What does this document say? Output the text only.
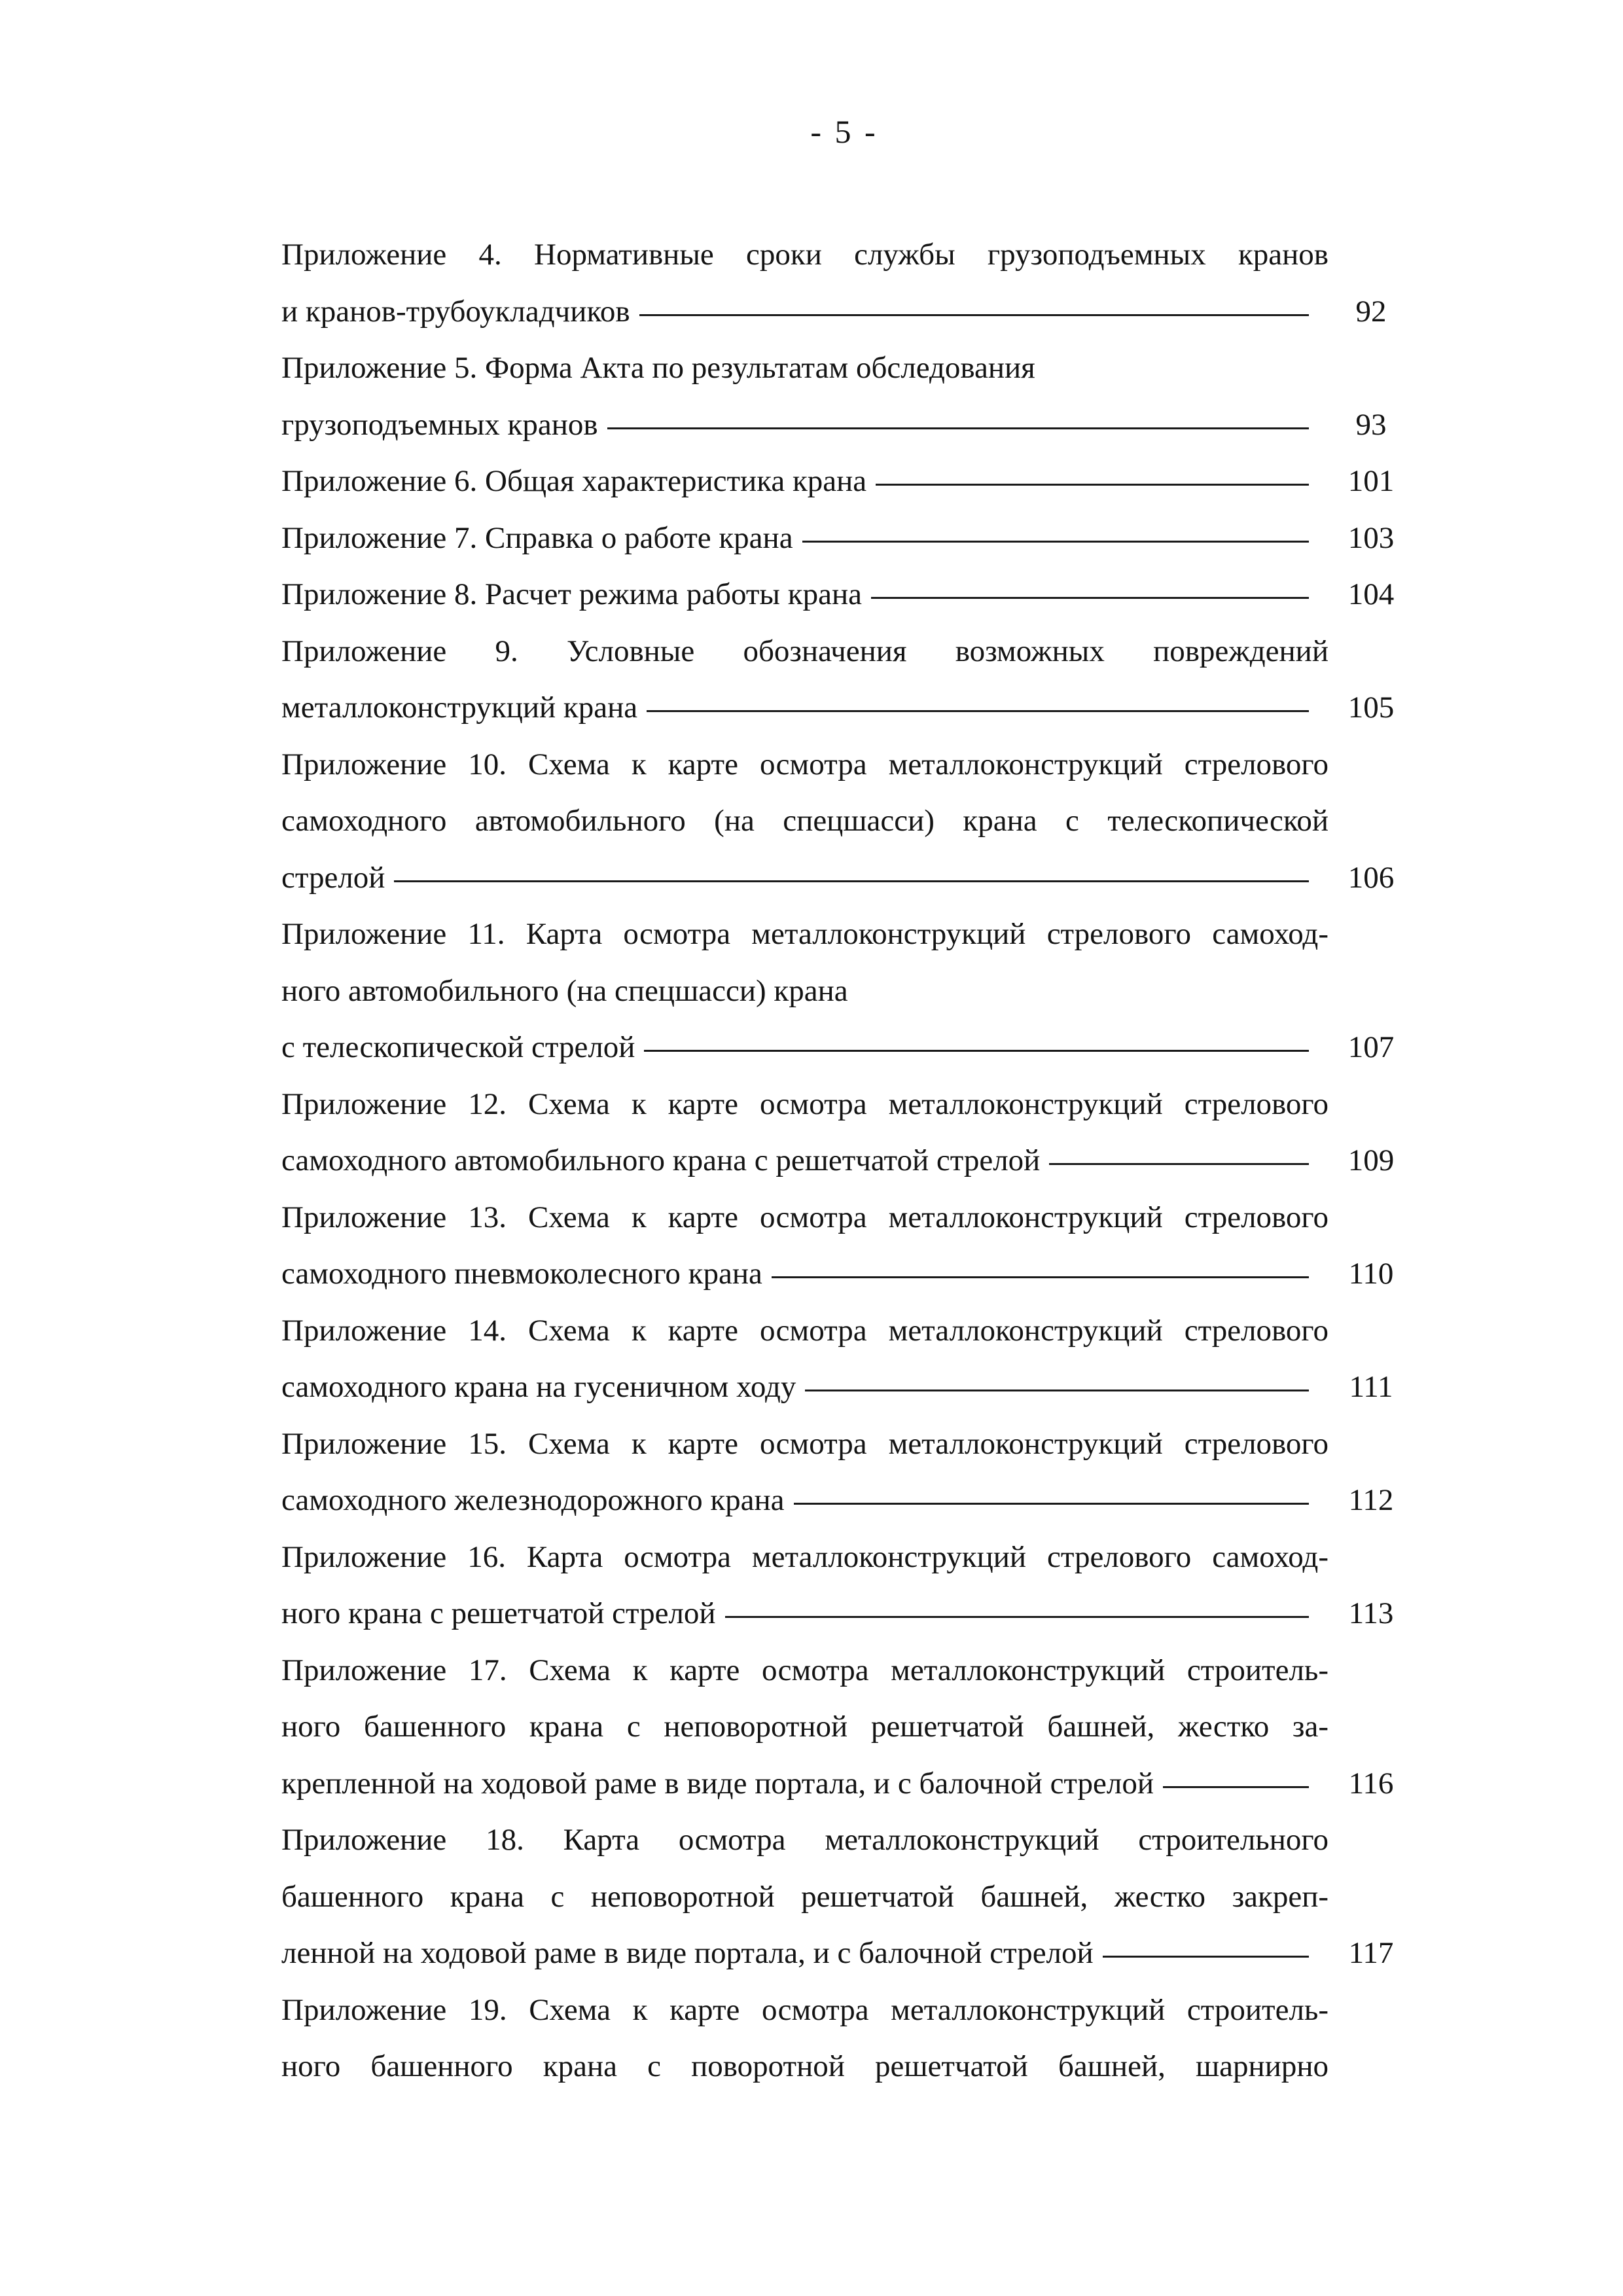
- 5 -
Приложение 4. Нормативные сроки службы грузоподъемных кранов
и кранов-трубоукладчиков	92
Приложение 5. Форма Акта по результатам обследования
грузоподъемных кранов	93
Приложение 6. Общая характеристика крана	101
Приложение 7. Справка о работе крана	103
Приложение 8. Расчет режима работы крана	104
Приложение 9. Условные обозначения возможных повреждений
металлоконструкций крана	105
Приложение 10. Схема к карте осмотра металлоконструкций стрелового
самоходного автомобильного (на спецшасси) крана с телескопической
стрелой	106
Приложение 11. Карта осмотра металлоконструкций стрелового самоход-
ного автомобильного (на спецшасси) крана
с телескопической стрелой	107
Приложение 12. Схема к карте осмотра металлоконструкций стрелового
самоходного автомобильного крана с решетчатой стрелой	109
Приложение 13. Схема к карте осмотра металлоконструкций стрелового
самоходного пневмоколесного крана	110
Приложение 14. Схема к карте осмотра металлоконструкций стрелового
самоходного крана на гусеничном ходу	111
Приложение 15. Схема к карте осмотра металлоконструкций стрелового
самоходного железнодорожного крана	112
Приложение 16. Карта осмотра металлоконструкций стрелового самоход-
ного крана с решетчатой стрелой	113
Приложение 17. Схема к карте осмотра металлоконструкций строитель-
ного башенного крана с неповоротной решетчатой башней, жестко за-
крепленной на ходовой раме в виде портала, и с балочной стрелой	116
Приложение 18. Карта осмотра металлоконструкций строительного
башенного крана с неповоротной решетчатой башней, жестко закреп-
ленной на ходовой раме в виде портала, и с балочной стрелой	117
Приложение 19. Схема к карте осмотра металлоконструкций строитель-
ного башенного крана с поворотной решетчатой башней, шарнирно
